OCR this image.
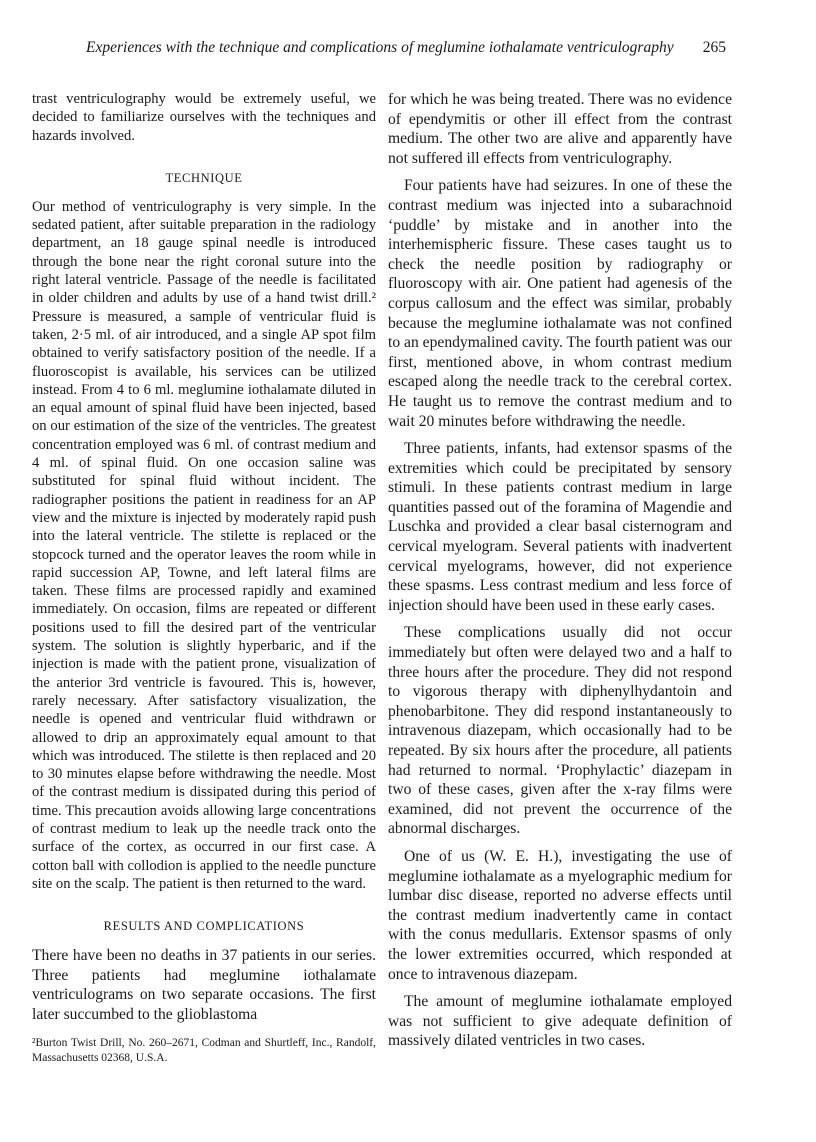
Experiences with the technique and complications of meglumine iothalamate ventriculography 265

trast ventriculography would be extremely useful, we decided to familiarize ourselves with the techniques and hazards involved.

TECHNIQUE

Our method of ventriculography is very simple. In the sedated patient, after suitable preparation in the radiology department, an 18 gauge spinal needle is introduced through the bone near the right coronal suture into the right lateral ventricle. Passage of the needle is facilitated in older children and adults by use of a hand twist drill.² Pressure is measured, a sample of ventricular fluid is taken, 2·5 ml. of air introduced, and a single AP spot film obtained to verify satisfactory position of the needle. If a fluoroscopist is available, his services can be utilized instead. From 4 to 6 ml. meglumine iothalamate diluted in an equal amount of spinal fluid have been injected, based on our estimation of the size of the ventricles. The greatest concentration employed was 6 ml. of contrast medium and 4 ml. of spinal fluid. On one occasion saline was substituted for spinal fluid without incident. The radiographer positions the patient in readiness for an AP view and the mixture is injected by moderately rapid push into the lateral ventricle. The stilette is replaced or the stopcock turned and the operator leaves the room while in rapid succession AP, Towne, and left lateral films are taken. These films are processed rapidly and examined immediately. On occasion, films are repeated or different positions used to fill the desired part of the ventricular system. The solution is slightly hyperbaric, and if the injection is made with the patient prone, visualization of the anterior 3rd ventricle is favoured. This is, however, rarely necessary. After satisfactory visualization, the needle is opened and ventricular fluid withdrawn or allowed to drip an approximately equal amount to that which was introduced. The stilette is then replaced and 20 to 30 minutes elapse before withdrawing the needle. Most of the contrast medium is dissipated during this period of time. This precaution avoids allowing large concentrations of contrast medium to leak up the needle track onto the surface of the cortex, as occurred in our first case. A cotton ball with collodion is applied to the needle puncture site on the scalp. The patient is then returned to the ward.

RESULTS AND COMPLICATIONS

There have been no deaths in 37 patients in our series. Three patients had meglumine iothalamate ventriculograms on two separate occasions. The first later succumbed to the glioblastoma

²Burton Twist Drill, No. 260–2671, Codman and Shurtleff, Inc., Randolf, Massachusetts 02368, U.S.A.

for which he was being treated. There was no evidence of ependymitis or other ill effect from the contrast medium. The other two are alive and apparently have not suffered ill effects from ventriculography.

Four patients have had seizures. In one of these the contrast medium was injected into a subarachnoid ‘puddle’ by mistake and in another into the interhemispheric fissure. These cases taught us to check the needle position by radiography or fluoroscopy with air. One patient had agenesis of the corpus callosum and the effect was similar, probably because the meglumine iothalamate was not confined to an ependymalined cavity. The fourth patient was our first, mentioned above, in whom contrast medium escaped along the needle track to the cerebral cortex. He taught us to remove the contrast medium and to wait 20 minutes before withdrawing the needle.

Three patients, infants, had extensor spasms of the extremities which could be precipitated by sensory stimuli. In these patients contrast medium in large quantities passed out of the foramina of Magendie and Luschka and provided a clear basal cisternogram and cervical myelogram. Several patients with inadvertent cervical myelograms, however, did not experience these spasms. Less contrast medium and less force of injection should have been used in these early cases.

These complications usually did not occur immediately but often were delayed two and a half to three hours after the procedure. They did not respond to vigorous therapy with diphenylhydantoin and phenobarbitone. They did respond instantaneously to intravenous diazepam, which occasionally had to be repeated. By six hours after the procedure, all patients had returned to normal. ‘Prophylactic’ diazepam in two of these cases, given after the x-ray films were examined, did not prevent the occurrence of the abnormal discharges.

One of us (W. E. H.), investigating the use of meglumine iothalamate as a myelographic medium for lumbar disc disease, reported no adverse effects until the contrast medium inadvertently came in contact with the conus medullaris. Extensor spasms of only the lower extremities occurred, which responded at once to intravenous diazepam.

The amount of meglumine iothalamate employed was not sufficient to give adequate definition of massively dilated ventricles in two cases.
